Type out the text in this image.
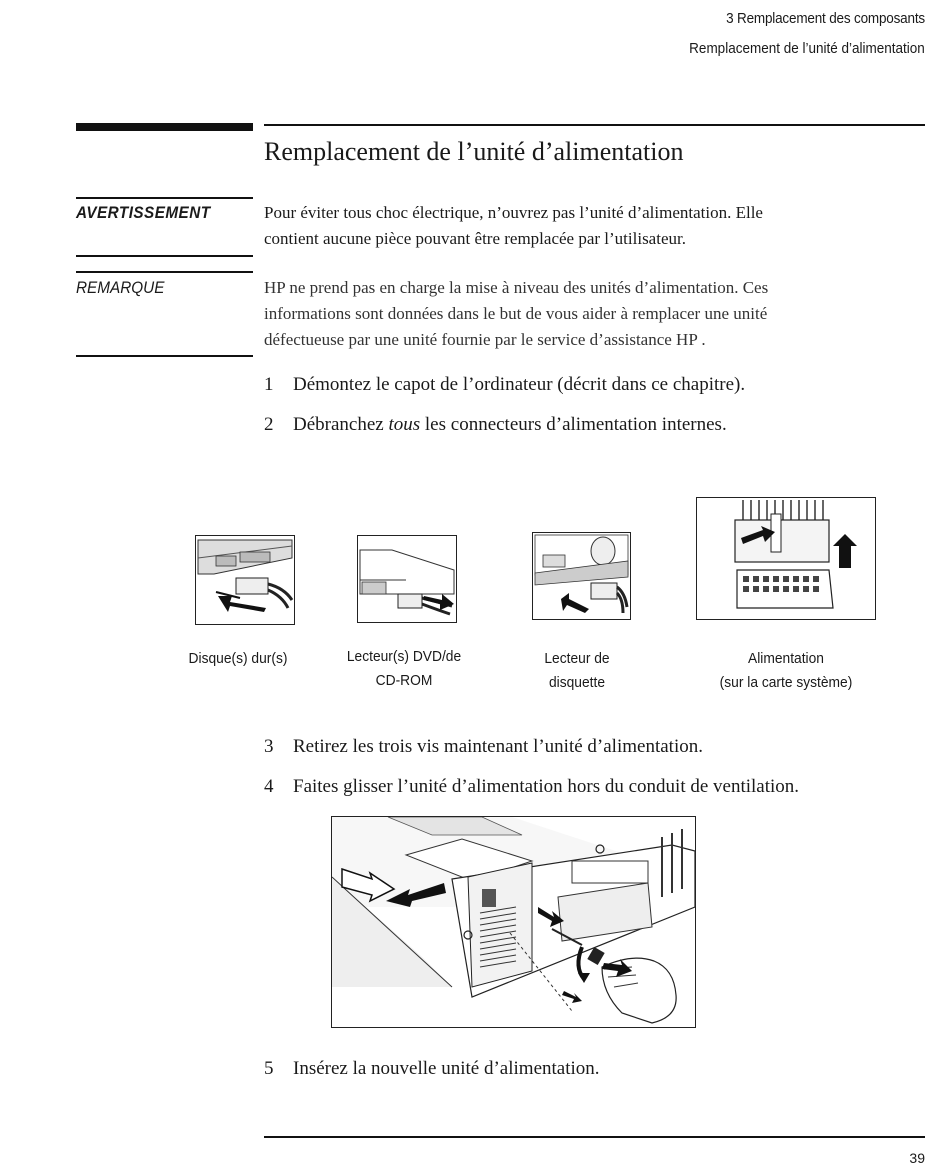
3 Remplacement des composants
Remplacement de l’unité d’alimentation
Remplacement de l’unité d’alimentation
AVERTISSEMENT	Pour éviter tous choc électrique, n’ouvrez pas l’unité d’alimentation. Elle
contient aucune pièce pouvant être remplacée par l’utilisateur.
REMARQUE	HP ne prend pas en charge la mise à niveau des unités d’alimentation. Ces
informations sont données dans le but de vous aider à remplacer une unité
défectueuse par une unité fournie par le service d’assistance HP .
1 Démontez le capot de l’ordinateur (décrit dans ce chapitre).
2 Débranchez tous les connecteurs d’alimentation internes.
Disque(s) dur(s)	Lecteur(s) DVD/de
CD-ROM
Lecteur de
disquette
Alimentation
(sur la carte système)
3 Retirez les trois vis maintenant l’unité d’alimentation.
4 Faites glisser l’unité d’alimentation hors du conduit de ventilation.
5 Insérez la nouvelle unité d’alimentation.
39
